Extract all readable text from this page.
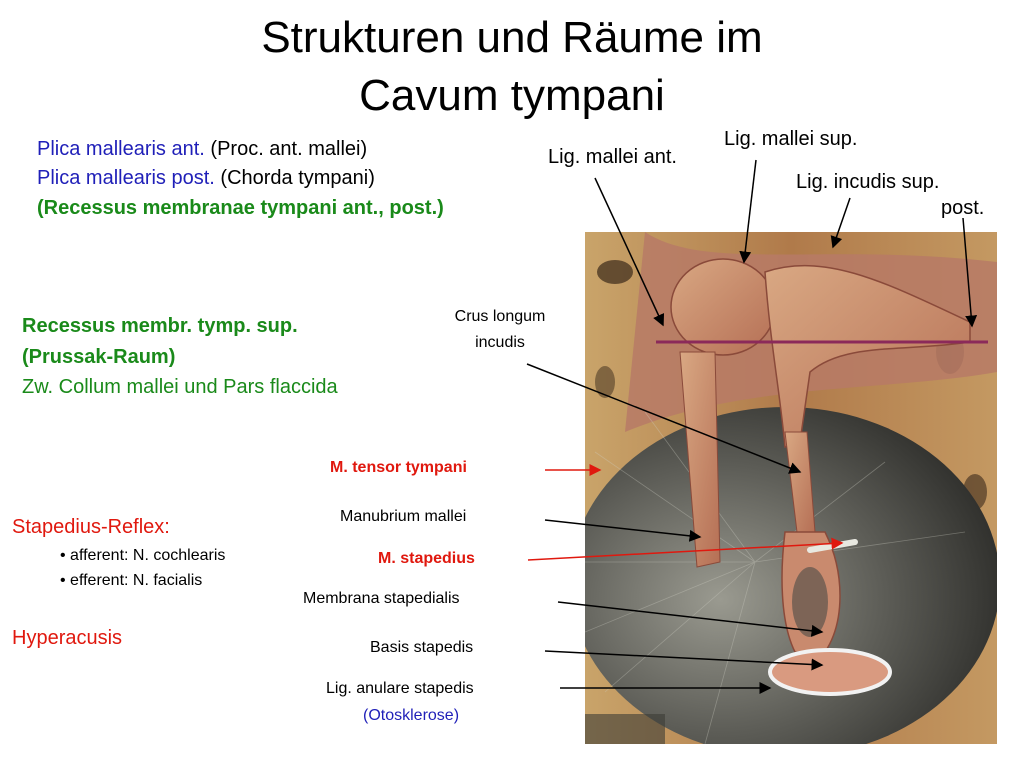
Strukturen und Räume im
Cavum tympani
Plica mallearis ant. (Proc. ant. mallei)
Plica mallearis post. (Chorda tympani)
(Recessus membranae tympani ant., post.)
Recessus membr. tymp. sup.
(Prussak-Raum)
Zw. Collum mallei und Pars flaccida
Stapedius-Reflex:
• afferent: N. cochlearis
• efferent: N. facialis
Hyperacusis
Lig. mallei sup.
Lig. mallei ant.
Lig. incudis sup.
post.
Crus longum
incudis
M. tensor tympani
Manubrium mallei
M. stapedius
Membrana stapedialis
Basis stapedis
Lig. anulare stapedis
(Otosklerose)
